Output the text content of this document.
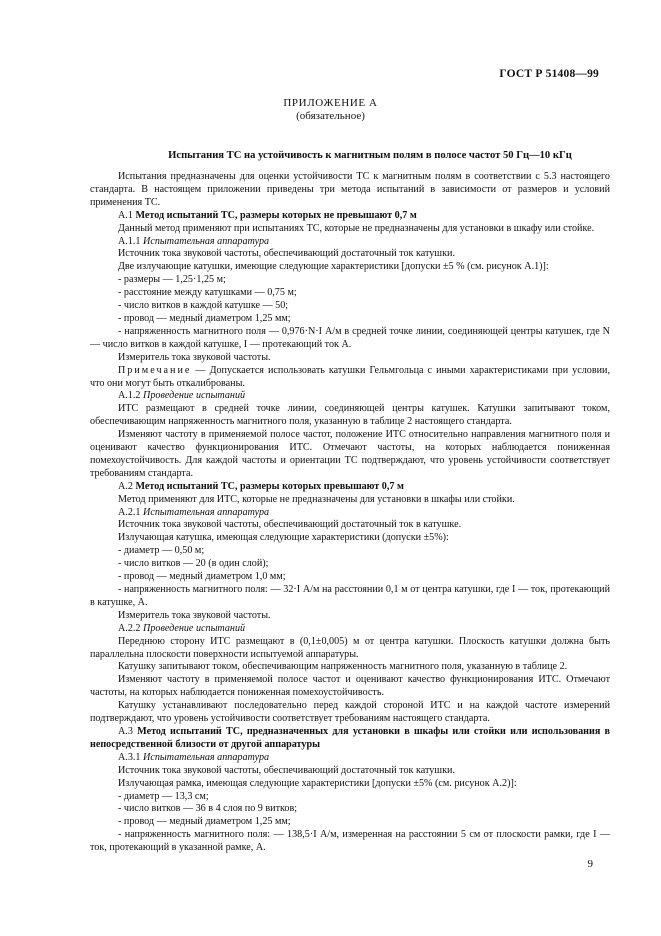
ГОСТ Р 51408—99
ПРИЛОЖЕНИЕ А
(обязательное)
Испытания ТС на устойчивость к магнитным полям в полосе частот 50 Гц—10 кГц

Испытания предназначены для оценки устойчивости ТС к магнитным полям в соответствии с 5.3 настоящего стандарта. В настоящем приложении приведены три метода испытаний в зависимости от размеров и условий применения ТС.

А.1 Метод испытаний ТС, размеры которых не превышают 0,7 м

Данный метод применяют при испытаниях ТС, которые не предназначены для установки в шкафу или стойке.

А.1.1 Испытательная аппаратура

Источник тока звуковой частоты, обеспечивающий достаточный ток катушки.

Две излучающие катушки, имеющие следующие характеристики [допуски ±5 % (см. рисунок А.1)]:

- размеры — 1,25·1,25 м;

- расстояние между катушками — 0,75 м;

- число витков в каждой катушке — 50;

- провод — медный диаметром 1,25 мм;

- напряженность магнитного поля — 0,976·N·I А/м в средней точке линии, соединяющей центры катушек, где N — число витков в каждой катушке, I — протекающий ток А.

Измеритель тока звуковой частоты.

Примечание — Допускается использовать катушки Гельмгольца с иными характеристиками при условии, что они могут быть откалиброваны.

А.1.2 Проведение испытаний

ИТС размещают в средней точке линии, соединяющей центры катушек. Катушки запитывают током, обеспечивающим напряженность магнитного поля, указанную в таблице 2 настоящего стандарта.

Изменяют частоту в применяемой полосе частот, положение ИТС относительно направления магнитного поля и оценивают качество функционирования ИТС. Отмечают частоты, на которых наблюдается пониженная помехоустойчивость. Для каждой частоты и ориентации ТС подтверждают, что уровень устойчивости соответствует требованиям стандарта.

А.2 Метод испытаний ТС, размеры которых превышают 0,7 м

Метод применяют для ИТС, которые не предназначены для установки в шкафы или стойки.

А.2.1 Испытательная аппаратура

Источник тока звуковой частоты, обеспечивающий достаточный ток в катушке.

Излучающая катушка, имеющая следующие характеристики (допуски ±5%):

- диаметр — 0,50 м;

- число витков — 20 (в один слой);

- провод — медный диаметром 1,0 мм;

- напряженность магнитного поля: — 32·I А/м на расстоянии 0,1 м от центра катушки, где I — ток, протекающий в катушке, А.

Измеритель тока звуковой частоты.

А.2.2 Проведение испытаний

Переднюю сторону ИТС размещают в (0,1±0,005) м от центра катушки. Плоскость катушки должна быть параллельна плоскости поверхности испытуемой аппаратуры.

Катушку запитывают током, обеспечивающим напряженность магнитного поля, указанную в таблице 2.

Изменяют частоту в применяемой полосе частот и оценивают качество функционирования ИТС. Отмечают частоты, на которых наблюдается пониженная помехоустойчивость.

Катушку устанавливают последовательно перед каждой стороной ИТС и на каждой частоте измерений подтверждают, что уровень устойчивости соответствует требованиям настоящего стандарта.

А.3 Метод испытаний ТС, предназначенных для установки в шкафы или стойки или использования в непосредственной близости от другой аппаратуры

А.3.1 Испытательная аппаратура

Источник тока звуковой частоты, обеспечивающий достаточный ток катушки.

Излучающая рамка, имеющая следующие характеристики [допуски ±5% (см. рисунок А.2)]:

- диаметр — 13,3 см;

- число витков — 36 в 4 слоя по 9 витков;

- провод — медный диаметром 1,25 мм;

- напряженность магнитного поля: — 138,5·I А/м, измеренная на расстоянии 5 см от плоскости рамки, где I — ток, протекающий в указанной рамке, А.

9
